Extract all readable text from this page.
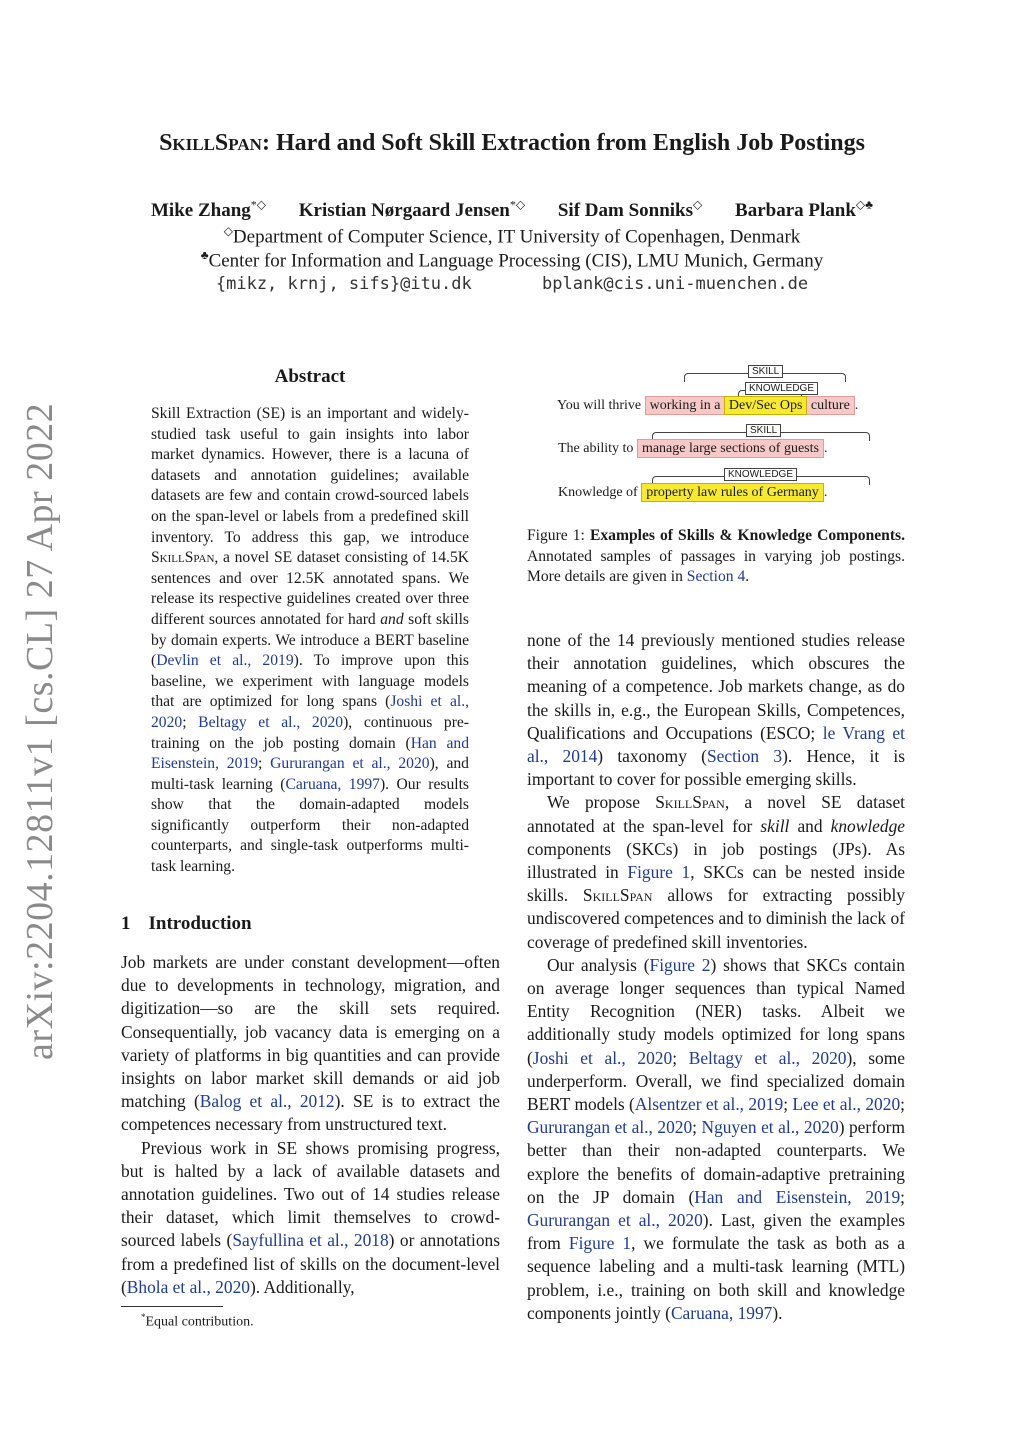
arXiv:2204.12811v1 [cs.CL] 27 Apr 2022
SkillSpan: Hard and Soft Skill Extraction from English Job Postings
Mike Zhang*◇ Kristian Nørgaard Jensen*◇ Sif Dam Sonniks◇ Barbara Plank◇♣
◇Department of Computer Science, IT University of Copenhagen, Denmark
♣Center for Information and Language Processing (CIS), LMU Munich, Germany
{mikz, krnj, sifs}@itu.dk	bplank@cis.uni-muenchen.de
Abstract
Skill Extraction (SE) is an important and widely-studied task useful to gain insights into labor market dynamics. However, there is a lacuna of datasets and annotation guidelines; available datasets are few and contain crowd-sourced labels on the span-level or labels from a predefined skill inventory. To address this gap, we introduce SkillSpan, a novel SE dataset consisting of 14.5K sentences and over 12.5K annotated spans. We release its respective guidelines created over three different sources annotated for hard and soft skills by domain experts. We introduce a BERT baseline (Devlin et al., 2019). To improve upon this baseline, we experiment with language models that are optimized for long spans (Joshi et al., 2020; Beltagy et al., 2020), continuous pre-training on the job posting domain (Han and Eisenstein, 2019; Gururangan et al., 2020), and multi-task learning (Caruana, 1997). Our results show that the domain-adapted models significantly outperform their non-adapted counterparts, and single-task outperforms multi-task learning.
1 Introduction

Job markets are under constant development—often due to developments in technology, migration, and digitization—so are the skill sets required. Consequentially, job vacancy data is emerging on a variety of platforms in big quantities and can provide insights on labor market skill demands or aid job matching (Balog et al., 2012). SE is to extract the competences necessary from unstructured text.

Previous work in SE shows promising progress, but is halted by a lack of available datasets and annotation guidelines. Two out of 14 studies release their dataset, which limit themselves to crowd-sourced labels (Sayfullina et al., 2018) or annotations from a predefined list of skills on the document-level (Bhola et al., 2020). Additionally,

*Equal contribution.
SKILL
KNOWLEDGE
You will thrive working in a Dev/Sec Ops culture .
SKILL
The ability to manage large sections of guests .
KNOWLEDGE
Knowledge of property law rules of Germany .
Figure 1: Examples of Skills & Knowledge Components. Annotated samples of passages in varying job postings. More details are given in Section 4.

none of the 14 previously mentioned studies release their annotation guidelines, which obscures the meaning of a competence. Job markets change, as do the skills in, e.g., the European Skills, Competences, Qualifications and Occupations (ESCO; le Vrang et al., 2014) taxonomy (Section 3). Hence, it is important to cover for possible emerging skills.

We propose SkillSpan, a novel SE dataset annotated at the span-level for skill and knowledge components (SKCs) in job postings (JPs). As illustrated in Figure 1, SKCs can be nested inside skills. SkillSpan allows for extracting possibly undiscovered competences and to diminish the lack of coverage of predefined skill inventories.

Our analysis (Figure 2) shows that SKCs contain on average longer sequences than typical Named Entity Recognition (NER) tasks. Albeit we additionally study models optimized for long spans (Joshi et al., 2020; Beltagy et al., 2020), some underperform. Overall, we find specialized domain BERT models (Alsentzer et al., 2019; Lee et al., 2020; Gururangan et al., 2020; Nguyen et al., 2020) perform better than their non-adapted counterparts. We explore the benefits of domain-adaptive pretraining on the JP domain (Han and Eisenstein, 2019; Gururangan et al., 2020). Last, given the examples from Figure 1, we formulate the task as both as a sequence labeling and a multi-task learning (MTL) problem, i.e., training on both skill and knowledge components jointly (Caruana, 1997).
